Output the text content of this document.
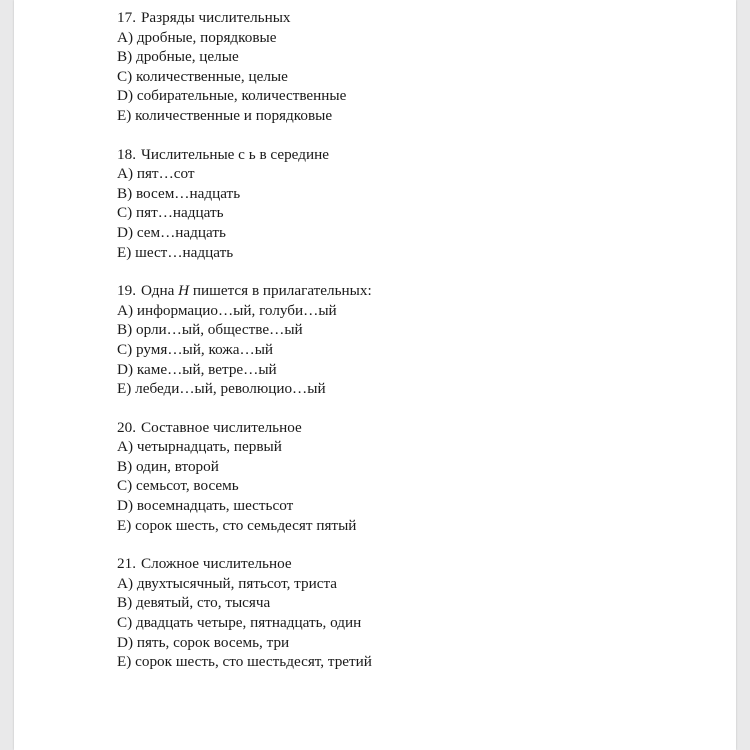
17. Разряды числительных
A) дробные, порядковые
B) дробные, целые
C) количественные, целые
D) собирательные, количественные
E) количественные и порядковые
18. Числительные с ь в середине
A) пят…сот
B) восем…надцать
C) пят…надцать
D) сем…надцать
E) шест…надцать
19. Одна Н пишется в прилагательных:
A) информацио…ый, голуби…ый
B) орли…ый, обществе…ый
C) румя…ый, кожа…ый
D) каме…ый, ветре…ый
E) лебеди…ый, революцио…ый
20. Составное числительное
A) четырнадцать, первый
B) один, второй
C) семьсот, восемь
D) восемнадцать, шестьсот
E) сорок шесть, сто семьдесят пятый
21. Сложное числительное
A) двухтысячный, пятьсот, триста
B) девятый, сто, тысяча
C) двадцать четыре, пятнадцать, один
D) пять, сорок восемь, три
E) сорок шесть, сто шестьдесят, третий
